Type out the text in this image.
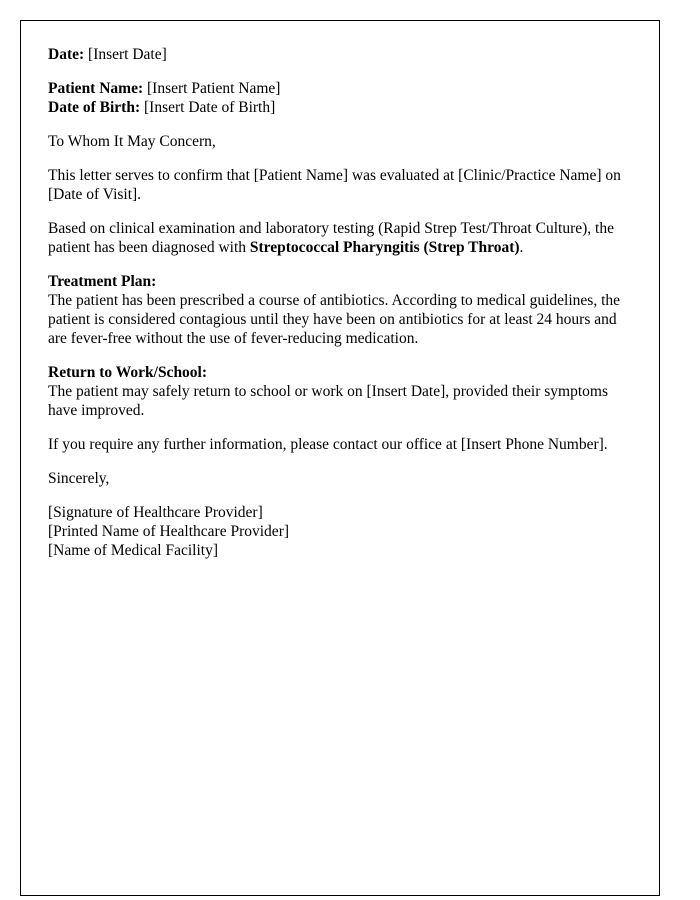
Date: [Insert Date]

Patient Name: [Insert Patient Name]
Date of Birth: [Insert Date of Birth]

To Whom It May Concern,

This letter serves to confirm that [Patient Name] was evaluated at [Clinic/Practice Name] on [Date of Visit].

Based on clinical examination and laboratory testing (Rapid Strep Test/Throat Culture), the patient has been diagnosed with Streptococcal Pharyngitis (Strep Throat).

Treatment Plan:
The patient has been prescribed a course of antibiotics. According to medical guidelines, the patient is considered contagious until they have been on antibiotics for at least 24 hours and are fever-free without the use of fever-reducing medication.

Return to Work/School:
The patient may safely return to school or work on [Insert Date], provided their symptoms have improved.

If you require any further information, please contact our office at [Insert Phone Number].

Sincerely,

[Signature of Healthcare Provider]
[Printed Name of Healthcare Provider]
[Name of Medical Facility]
